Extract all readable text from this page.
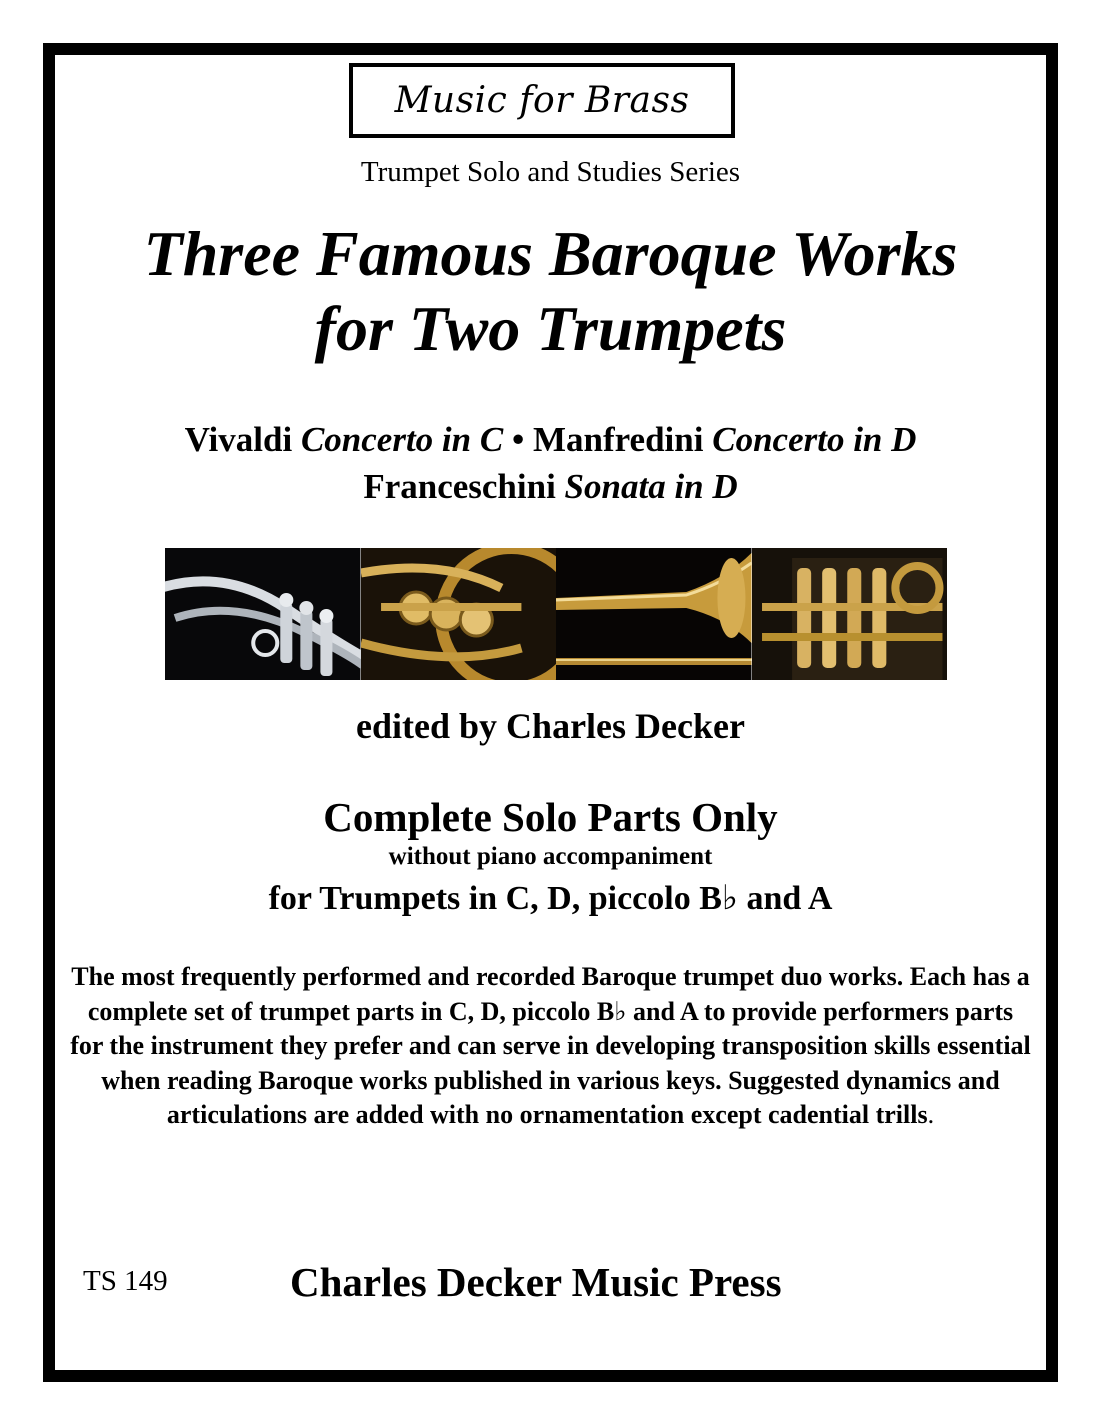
Music for Brass
Trumpet Solo and Studies Series
Three Famous Baroque Works
for Two Trumpets
Vivaldi Concerto in C • Manfredini Concerto in D
Franceschini Sonata in D
edited by Charles Decker
Complete Solo Parts Only
without piano accompaniment
for Trumpets in C, D, piccolo B♭ and A
The most frequently performed and recorded Baroque trumpet duo works. Each has a complete set of trumpet parts in C, D, piccolo B♭ and A to provide performers parts for the instrument they prefer and can serve in developing transposition skills essential when reading Baroque works published in various keys. Suggested dynamics and articulations are added with no ornamentation except cadential trills.
TS 149	Charles Decker Music Press
